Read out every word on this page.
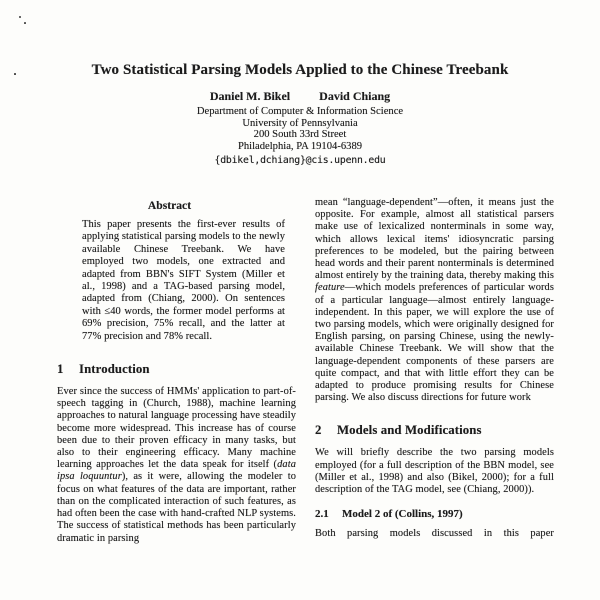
Two Statistical Parsing Models Applied to the Chinese Treebank
Daniel M. Bikel David Chiang
Department of Computer & Information Science
University of Pennsylvania
200 South 33rd Street
Philadelphia, PA 19104-6389
{dbikel,dchiang}@cis.upenn.edu
Abstract

This paper presents the first-ever results of applying statistical parsing models to the newly available Chinese Treebank. We have employed two models, one extracted and adapted from BBN's SIFT System (Miller et al., 1998) and a TAG-based parsing model, adapted from (Chiang, 2000). On sentences with ≤40 words, the former model performs at 69% precision, 75% recall, and the latter at 77% precision and 78% recall.

1	Introduction

Ever since the success of HMMs' application to part-of-speech tagging in (Church, 1988), machine learning approaches to natural language processing have steadily become more widespread. This increase has of course been due to their proven efficacy in many tasks, but also to their engineering efficacy. Many machine learning approaches let the data speak for itself (data ipsa loquuntur), as it were, allowing the modeler to focus on what features of the data are important, rather than on the complicated interaction of such features, as had often been the case with hand-crafted NLP systems. The success of statistical methods has been particularly dramatic in parsing

mean “language-dependent”—often, it means just the opposite. For example, almost all statistical parsers make use of lexicalized nonterminals in some way, which allows lexical items' idiosyncratic parsing preferences to be modeled, but the pairing between head words and their parent nonterminals is determined almost entirely by the training data, thereby making this feature—which models preferences of particular words of a particular language—almost entirely language-independent. In this paper, we will explore the use of two parsing models, which were originally designed for English parsing, on parsing Chinese, using the newly-available Chinese Treebank. We will show that the language-dependent components of these parsers are quite compact, and that with little effort they can be adapted to produce promising results for Chinese parsing. We also discuss directions for future work

2	Models and Modifications

We will briefly describe the two parsing models employed (for a full description of the BBN model, see (Miller et al., 1998) and also (Bikel, 2000); for a full description of the TAG model, see (Chiang, 2000)).

2.1	Model 2 of (Collins, 1997)

Both parsing models discussed in this paper
